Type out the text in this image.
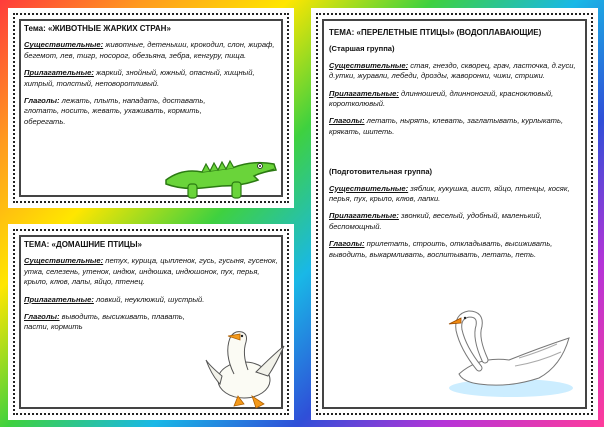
Тема: «ЖИВОТНЫЕ ЖАРКИХ СТРАН»

Существительные: животные, детеныши, крокодил, слон, жираф, бегемот, лев, тигр, носорог, обезьяна, зебра, кенгуру, пища.

Прилагательные: жаркий, знойный, южный, опасный, хищный, хитрый, толстый, неповоротливый.

Глаголы: лежать, плыть, нападать, доставать, глотать, носить, жевать, ухаживать, кормить, оберегать.

ТЕМА: «ДОМАШНИЕ ПТИЦЫ»

Существительные: петух, курица, цыпленок, гусь, гусыня, гусенок, утка, селезень, утенок, индюк, индюшка, индюшонок, пух, перья, крыло, клюв, лапы, яйцо, птенец.

Прилагательные: ловкий, неуклюжий, шустрый.

Глаголы: выводить, высиживать, плавать, пасти, кормить

ТЕМА: «ПЕРЕЛЕТНЫЕ ПТИЦЫ» (ВОДОПЛАВАЮЩИЕ)
(Старшая группа)

Существительные: стая, гнездо, скворец, грач, ласточка, д.гуси, д.утки, журавли, лебеди, дрозды, жаворонки, чижи, стрижи.

Прилагательные: длинношеий, длинноногий, красноклювый, коротколювый.

Глаголы: летать, нырять, клевать, заглатывать, курлыкать, крякать, шипеть.

(Подготовительная группа)

Существительные: зяблик, кукушка, аист, яйцо, птенцы, косяк, перья, пух, крыло, клюв, лапки.

Прилагательные: звонкий, веселый, удобный, маленький, беспомощный.

Глаголы: прилетать, строить, откладывать, высиживать, выводить, выкармливать, воспитывать, летать, петь.
